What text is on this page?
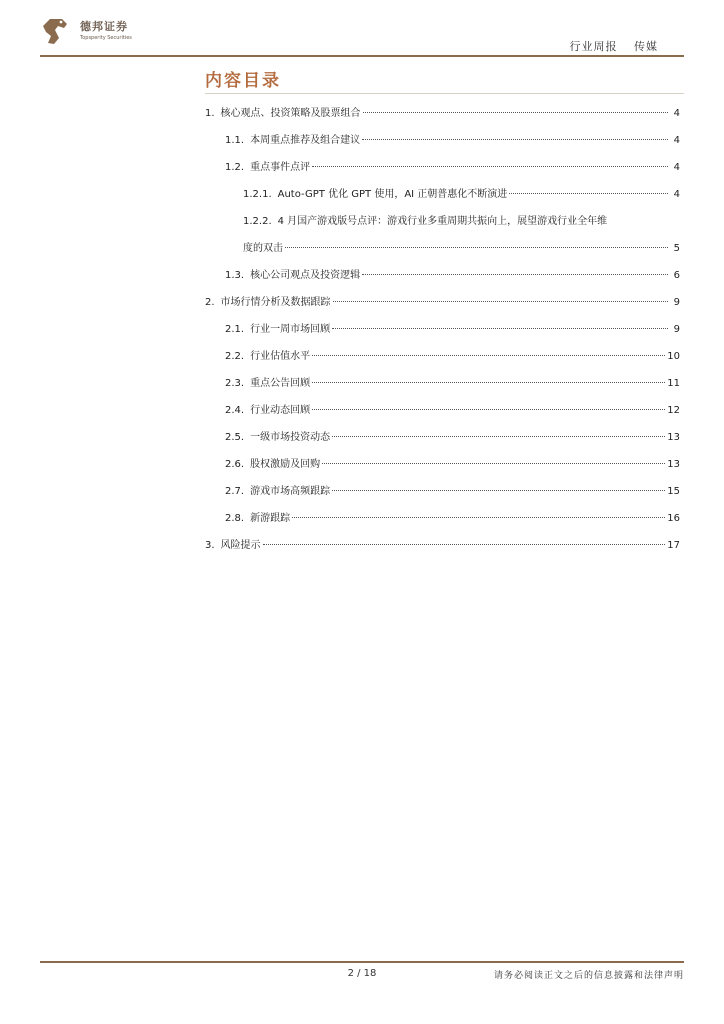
德邦证券
Topsperity Securities
行业周报 传媒
内容目录
1. 核心观点、投资策略及股票组合	4
1.1. 本周重点推荐及组合建议	4
1.2. 重点事件点评	4
1.2.1. Auto-GPT 优化 GPT 使用，AI 正朝普惠化不断演进	4
1.2.2. 4 月国产游戏版号点评：游戏行业多重周期共振向上，展望游戏行业全年维
度的双击	5
1.3. 核心公司观点及投资逻辑	6
2. 市场行情分析及数据跟踪	9
2.1. 行业一周市场回顾	9
2.2. 行业估值水平	10
2.3. 重点公告回顾	11
2.4. 行业动态回顾	12
2.5. 一级市场投资动态	13
2.6. 股权激励及回购	13
2.7. 游戏市场高频跟踪	15
2.8. 新游跟踪	16
3. 风险提示	17
2 / 18	请务必阅读正文之后的信息披露和法律声明
